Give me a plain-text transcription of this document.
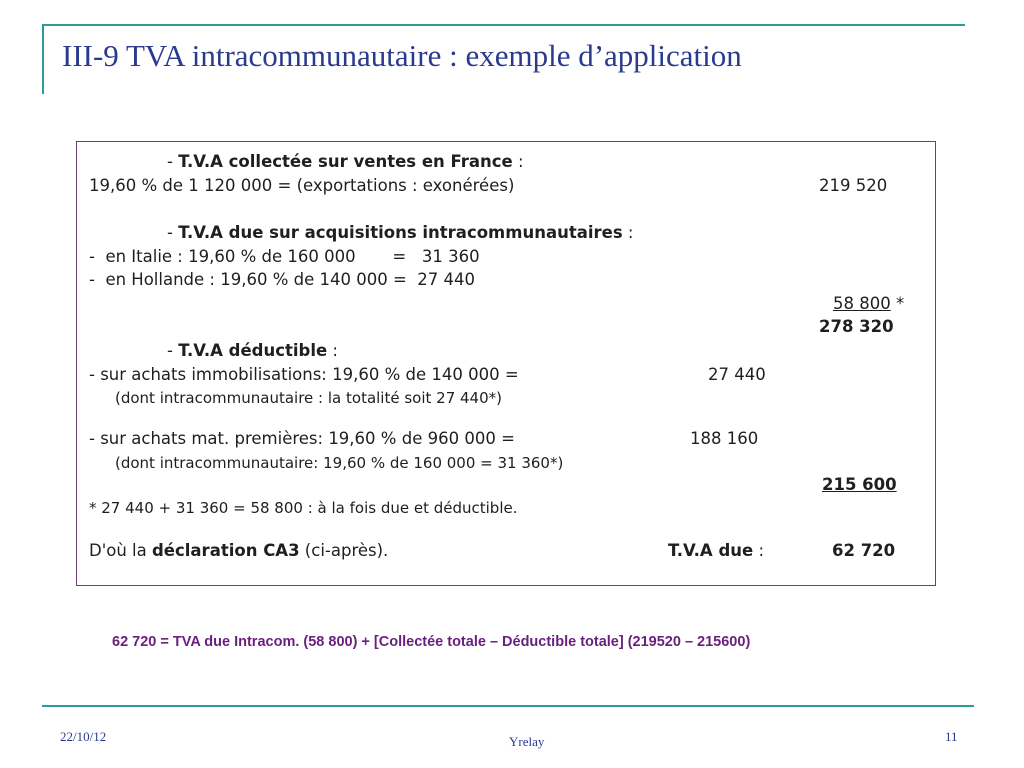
III-9 TVA intracommunautaire : exemple d’application
- T.V.A collectée sur ventes en France :
19,60 % de 1 120 000 = (exportations : exonérées)	219 520
- T.V.A due sur acquisitions intracommunautaires :
-  en Italie : 19,60 % de 160 000       =   31 360
-  en Hollande : 19,60 % de 140 000 =  27 440
58 800 *
278 320
- T.V.A déductible :
- sur achats immobilisations: 19,60 % de 140 000 =	27 440
(dont intracommunautaire : la totalité soit 27 440*)
- sur achats mat. premières: 19,60 % de 960 000 =	188 160
(dont intracommunautaire: 19,60 % de 160 000 = 31 360*)
215 600
* 27 440 + 31 360 = 58 800 : à la fois due et déductible.
D'où la déclaration CA3 (ci-après).	T.V.A due :	62 720
62 720 = TVA due Intracom. (58 800) + [Collectée totale – Déductible totale] (219520 – 215600)
22/10/12	Yrelay	11
